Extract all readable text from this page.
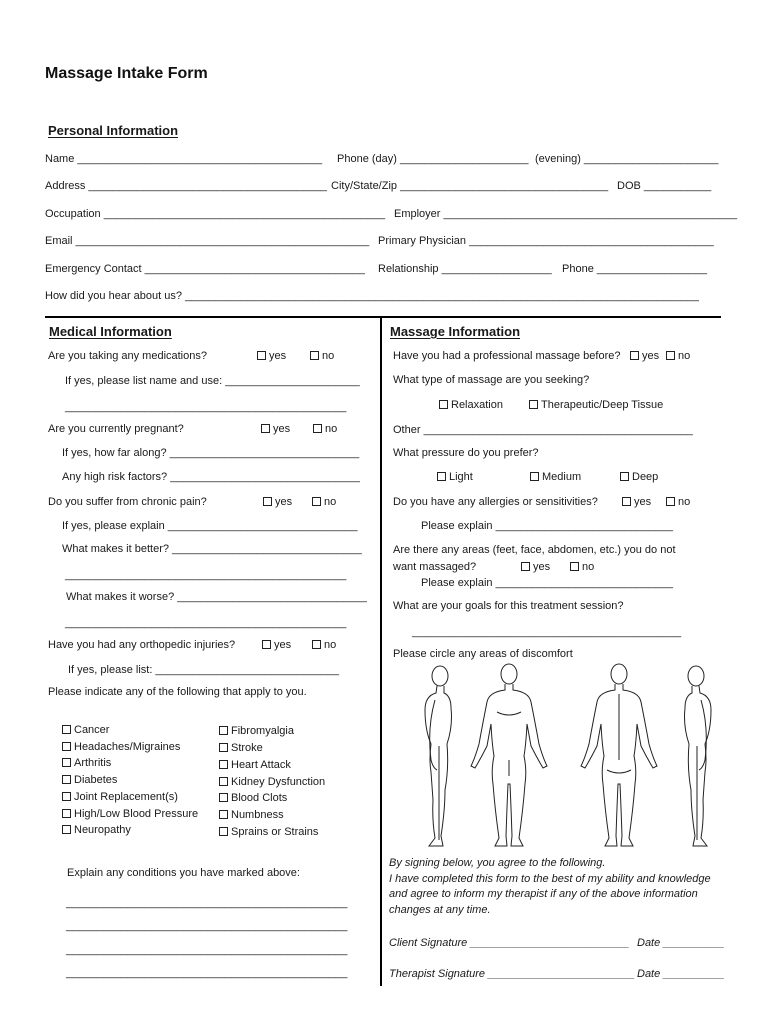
Massage Intake Form
Personal Information
Name ________________________________________ Phone (day) _____________________ (evening) ______________________
Address _______________________________________ City/State/Zip __________________________________ DOB ___________
Occupation ______________________________________________ Employer ________________________________________________
Email ________________________________________________ Primary Physician ________________________________________
Emergency Contact ____________________________________ Relationship __________________ Phone __________________
How did you hear about us? ____________________________________________________________________________________
Medical Information
Are you taking any medications?	yes	no
If yes, please list name and use: ______________________
______________________________________________
Are you currently pregnant?	yes	no
If yes, how far along? _______________________________
Any high risk factors? _______________________________
Do you suffer from chronic pain?	yes	no
If yes, please explain _______________________________
What makes it better? _______________________________
______________________________________________
What makes it worse? _______________________________
______________________________________________
Have you had any orthopedic injuries?	yes	no
If yes, please list: ______________________________
Please indicate any of the following that apply to you.
Cancer
Headaches/Migraines
Arthritis
Diabetes
Joint Replacement(s)
High/Low Blood Pressure
Neuropathy
Fibromyalgia
Stroke
Heart Attack
Kidney Dysfunction
Blood Clots
Numbness
Sprains or Strains
Explain any conditions you have marked above:
______________________________________________
______________________________________________
______________________________________________
______________________________________________
Massage Information
Have you had a professional massage before?	yes	no
What type of massage are you seeking?
Relaxation	Therapeutic/Deep Tissue
Other ____________________________________________
What pressure do you prefer?
Light	Medium	Deep
Do you have any allergies or sensitivities?	yes	no
Please explain _____________________________
Are there any areas (feet, face, abdomen, etc.) you do not
want massaged?	yes	no
Please explain _____________________________
What are your goals for this treatment session?
____________________________________________
Please circle any areas of discomfort
By signing below, you agree to the following.
I have completed this form to the best of my ability and knowledge
and agree to inform my therapist if any of the above information
changes at any time.
Client Signature __________________________ Date __________
Therapist Signature ________________________ Date __________
